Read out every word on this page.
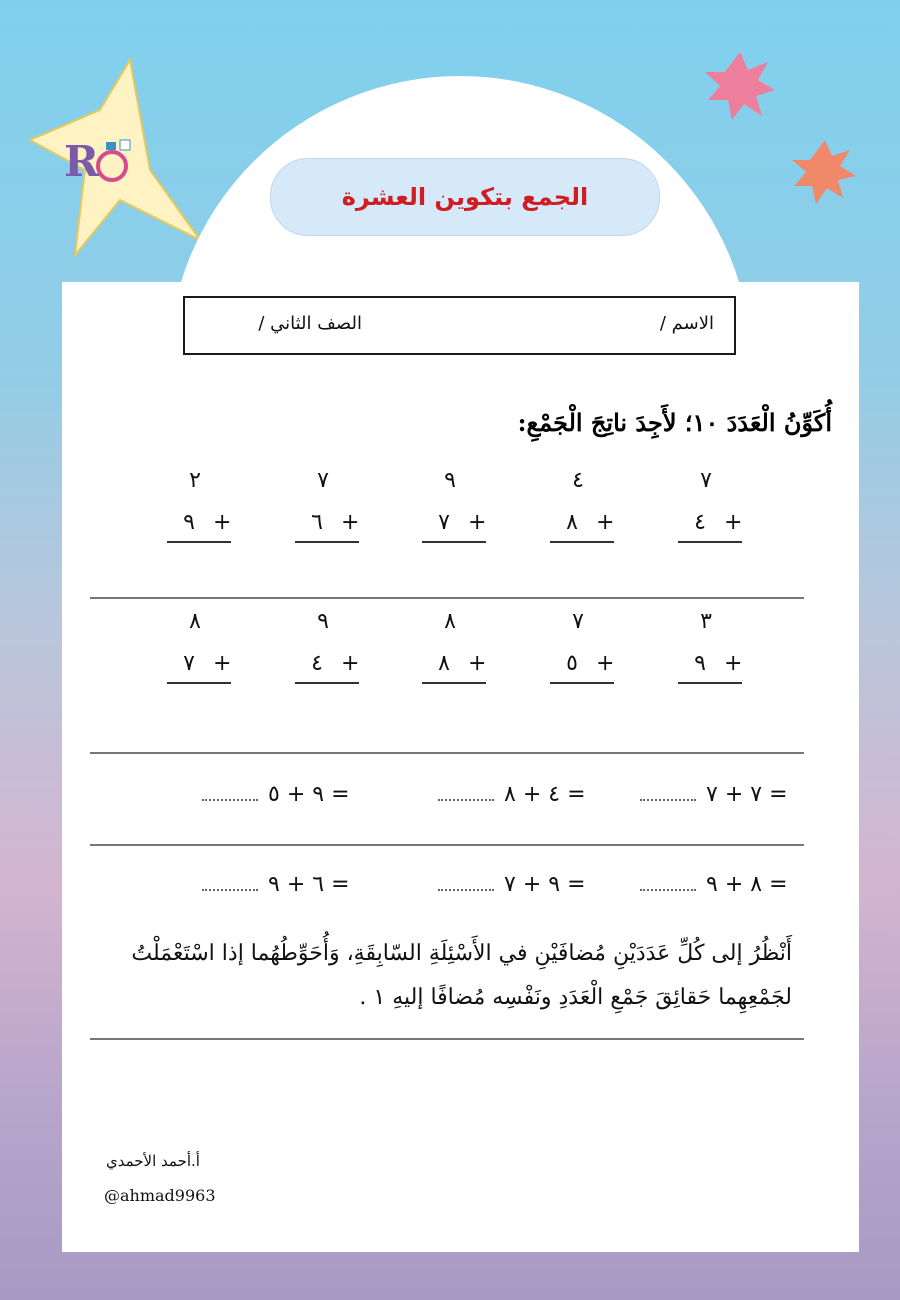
R
الجمع بتكوين العشرة
الاسم /
الصف الثاني /
أُكَوِّنُ الْعَدَدَ ١٠؛ لأَجِدَ ناتِجَ الْجَمْعِ:
٧
٤ +
٤
٨ +
٩
٧ +
٧
٦ +
٢
٩ +
٣
٩ +
٧
٥ +
٨
٨ +
٩
٤ +
٨
٧ +
٧ + ٧ =
٤ + ٨ =
٩ + ٥ =
٨ + ٩ =
٩ + ٧ =
٦ + ٩ =
أَنْظُرُ إلى كُلِّ عَدَدَيْنِ مُضافَيْنِ في الأَسْئِلَةِ السّابِقَةِ، وَأُحَوِّطُهُما إذا اسْتَعْمَلْتُ لجَمْعِهِما حَقائِقَ جَمْعِ الْعَدَدِ ونَفْسِه مُضافًا إليهِ ١ .
أ.أحمد الأحمدي
@ahmad9963
